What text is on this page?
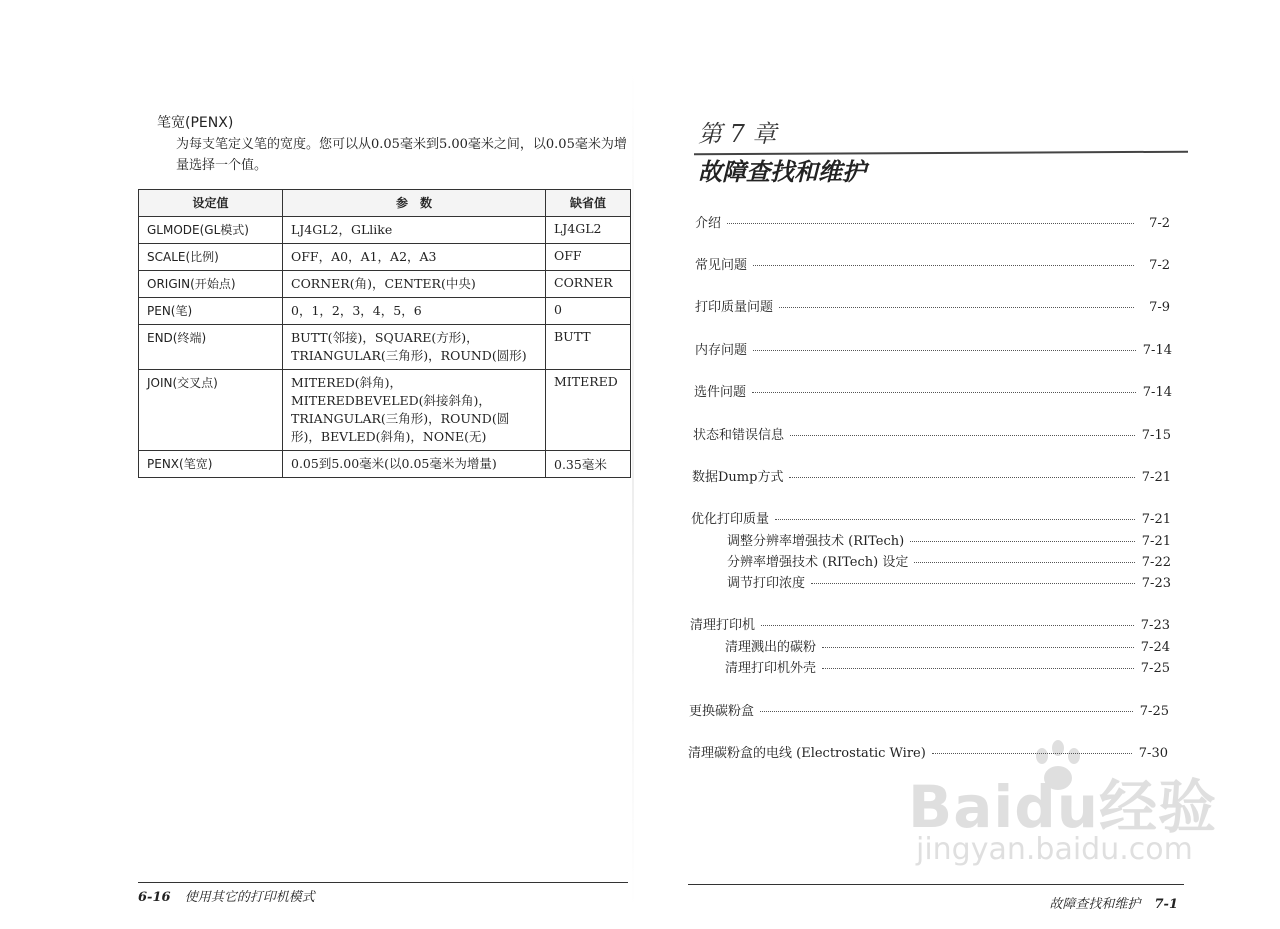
笔宽(PENX)
为每支笔定义笔的宽度。您可以从0.05毫米到5.00毫米之间，以0.05毫米为增量选择一个值。
设定值	参　数	缺省值
GLMODE(GL模式)	LJ4GL2，GLlike	LJ4GL2
SCALE(比例)	OFF，A0，A1，A2，A3	OFF
ORIGIN(开始点)	CORNER(角)，CENTER(中央)	CORNER
PEN(笔)	0，1，2，3，4，5，6	0
END(终端)	BUTT(邻接)，SQUARE(方形)，TRIANGULAR(三角形)，ROUND(圆形)	BUTT
JOIN(交叉点)	MITERED(斜角)，MITEREDBEVELED(斜接斜角)，TRIANGULAR(三角形)，ROUND(圆形)，BEVLED(斜角)，NONE(无)	MITERED
PENX(笔宽)	0.05到5.00毫米(以0.05毫米为增量)	0.35毫米
6-16 使用其它的打印机模式
第 7 章
故障查找和维护
介绍	7-2
常见问题	7-2
打印质量问题	7-9
内存问题	7-14
选件问题	7-14
状态和错误信息	7-15
数据Dump方式	7-21
优化打印质量	7-21
调整分辨率增强技术 (RITech)	7-21
分辨率增强技术 (RITech) 设定	7-22
调节打印浓度	7-23
清理打印机	7-23
清理溅出的碳粉	7-24
清理打印机外壳	7-25
更换碳粉盒	7-25
清理碳粉盒的电线 (Electrostatic Wire)	7-30
Baidu经验
jingyan.baidu.com
故障查找和维护 7-1
